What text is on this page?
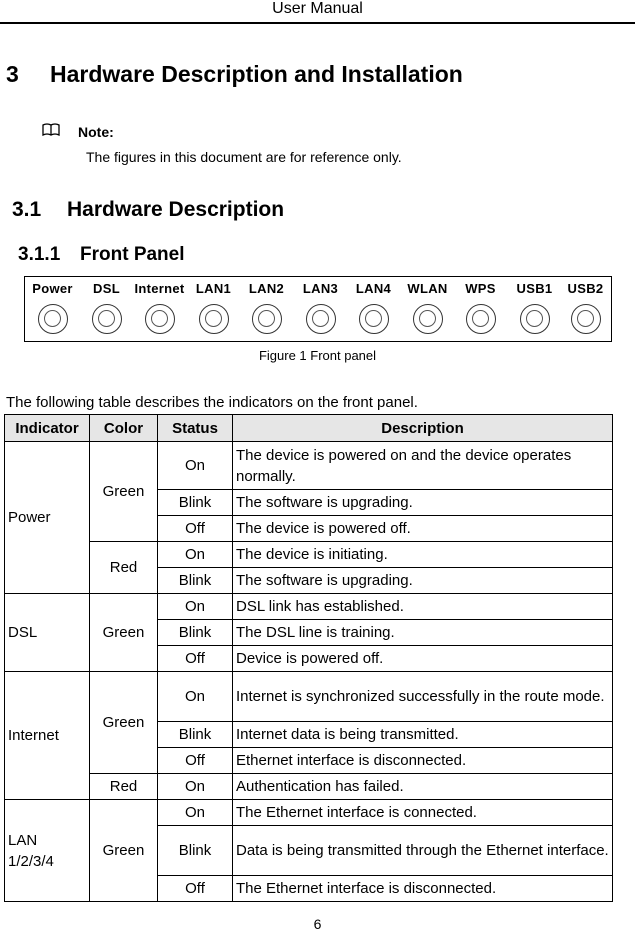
User Manual
3 Hardware Description and Installation
Note:
The figures in this document are for reference only.
3.1 Hardware Description
3.1.1 Front Panel
Power	DSL	Internet LAN1	LAN2	LAN3	LAN4	WLAN	WPS	USB1	USB2
Figure 1 Front panel
The following table describes the indicators on the front panel.
Indicator	Color	Status	Description
Power	Green	On	The device is powered on and the device operates normally.
		Blink	The software is upgrading.
		Off	The device is powered off.
	Red	On	The device is initiating.
		Blink	The software is upgrading.
DSL	Green	On	DSL link has established.
		Blink	The DSL line is training.
		Off	Device is powered off.
Internet	Green	On	Internet is synchronized successfully in the route mode.
		Blink	Internet data is being transmitted.
		Off	Ethernet interface is disconnected.
	Red	On	Authentication has failed.
LAN 1/2/3/4	Green	On	The Ethernet interface is connected.
		Blink	Data is being transmitted through the Ethernet interface.
		Off	The Ethernet interface is disconnected.
6
